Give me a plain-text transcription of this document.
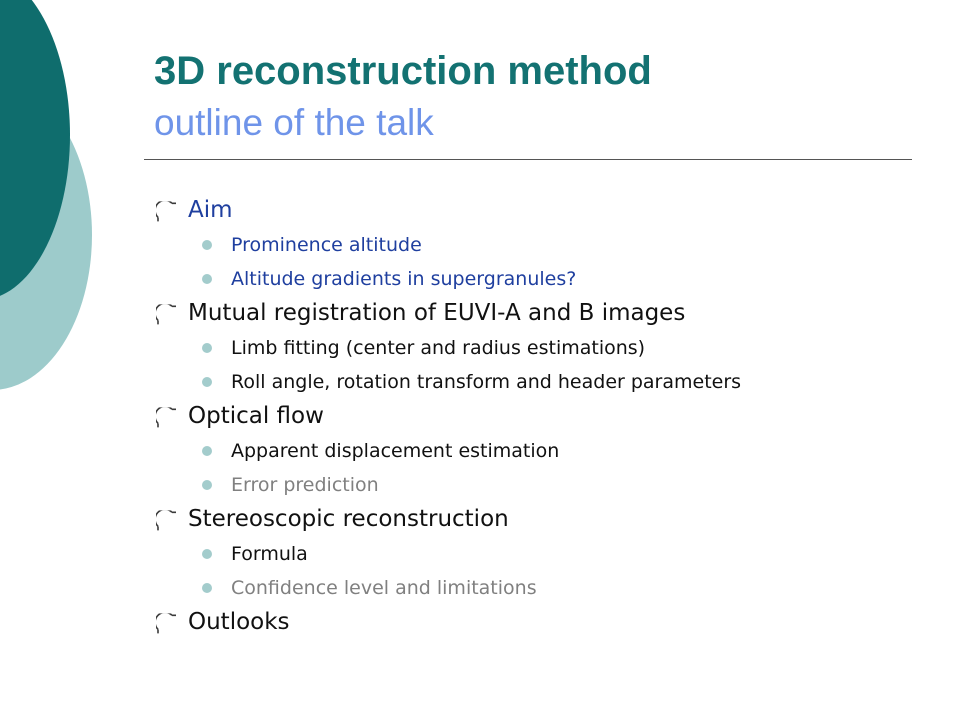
3D reconstruction method
outline of the talk
Aim
Prominence altitude
Altitude gradients in supergranules?
Mutual registration of EUVI-A and B images
Limb fitting (center and radius estimations)
Roll angle, rotation transform and header parameters
Optical flow
Apparent displacement estimation
Error prediction
Stereoscopic reconstruction
Formula
Confidence level and limitations
Outlooks
